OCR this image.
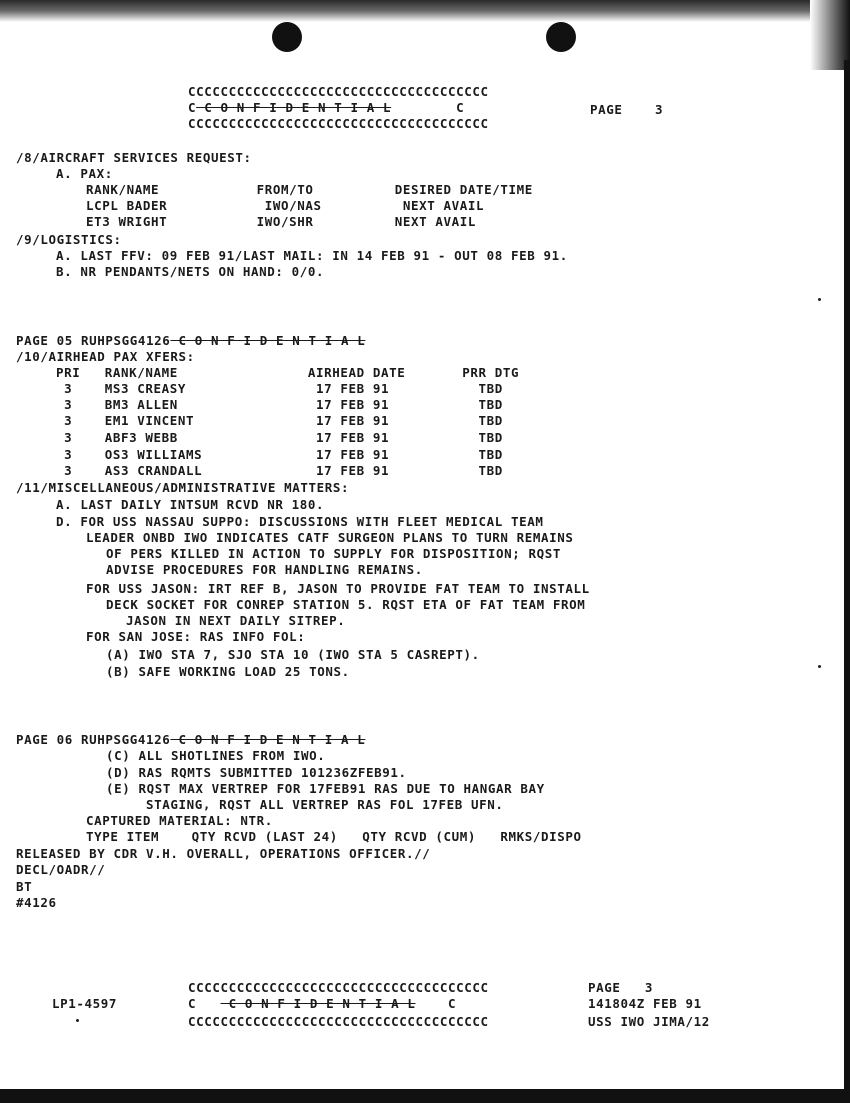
CCCCCCCCCCCCCCCCCCCCCCCCCCCCCCCCCCCCC
C C O N F I D E N T I A L        C	PAGE    3
CCCCCCCCCCCCCCCCCCCCCCCCCCCCCCCCCCCCC
/8/AIRCRAFT SERVICES REQUEST:
A. PAX:
RANK/NAME            FROM/TO          DESIRED DATE/TIME
LCPL BADER            IWO/NAS          NEXT AVAIL
ET3 WRIGHT           IWO/SHR          NEXT AVAIL
/9/LOGISTICS:
A. LAST FFV: 09 FEB 91/LAST MAIL: IN 14 FEB 91 - OUT 08 FEB 91.
B. NR PENDANTS/NETS ON HAND: 0/0.
PAGE 05 RUHPSGG4126 C O N F I D E N T I A L
/10/AIRHEAD PAX XFERS:
PRI   RANK/NAME                AIRHEAD DATE       PRR DTG
3    MS3 CREASY                17 FEB 91           TBD
3    BM3 ALLEN                 17 FEB 91           TBD
3    EM1 VINCENT               17 FEB 91           TBD
3    ABF3 WEBB                 17 FEB 91           TBD
3    OS3 WILLIAMS              17 FEB 91           TBD
3    AS3 CRANDALL              17 FEB 91           TBD
/11/MISCELLANEOUS/ADMINISTRATIVE MATTERS:
A. LAST DAILY INTSUM RCVD NR 180.
D. FOR USS NASSAU SUPPO: DISCUSSIONS WITH FLEET MEDICAL TEAM
LEADER ONBD IWO INDICATES CATF SURGEON PLANS TO TURN REMAINS
OF PERS KILLED IN ACTION TO SUPPLY FOR DISPOSITION; RQST
ADVISE PROCEDURES FOR HANDLING REMAINS.
FOR USS JASON: IRT REF B, JASON TO PROVIDE FAT TEAM TO INSTALL
DECK SOCKET FOR CONREP STATION 5. RQST ETA OF FAT TEAM FROM
JASON IN NEXT DAILY SITREP.
FOR SAN JOSE: RAS INFO FOL:
(A) IWO STA 7, SJO STA 10 (IWO STA 5 CASREPT).
(B) SAFE WORKING LOAD 25 TONS.
PAGE 06 RUHPSGG4126 C O N F I D E N T I A L
(C) ALL SHOTLINES FROM IWO.
(D) RAS RQMTS SUBMITTED 101236ZFEB91.
(E) RQST MAX VERTREP FOR 17FEB91 RAS DUE TO HANGAR BAY
STAGING, RQST ALL VERTREP RAS FOL 17FEB UFN.
CAPTURED MATERIAL: NTR.
TYPE ITEM    QTY RCVD (LAST 24)   QTY RCVD (CUM)   RMKS/DISPO
RELEASED BY CDR V.H. OVERALL, OPERATIONS OFFICER.//
DECL/OADR//
BT
#4126
CCCCCCCCCCCCCCCCCCCCCCCCCCCCCCCCCCCCC	PAGE   3
LP1-4597	C    C O N F I D E N T I A L    C	141804Z FEB 91
CCCCCCCCCCCCCCCCCCCCCCCCCCCCCCCCCCCCC	USS IWO JIMA/12
